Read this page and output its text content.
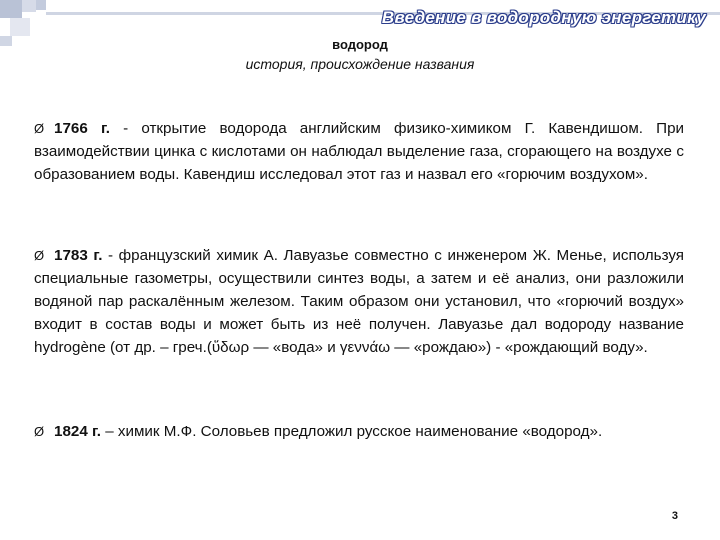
Введение в водородную энергетику
водород
история, происхождение названия
Ø 1766 г. - открытие водорода английским физико-химиком Г. Кавендишом. При взаимодействии цинка с кислотами он наблюдал выделение газа, сгорающего на воздухе с образованием воды. Кавендиш исследовал этот газ и назвал его «горючим воздухом».
Ø 1783 г. - французский химик А. Лавуазье совместно с инженером Ж. Менье, используя специальные газометры, осуществили синтез воды, а затем и её анализ, они разложили водяной пар раскалённым железом. Таким образом они установил, что «горючий воздух» входит в состав воды и может быть из неё получен. Лавуазье дал водороду название hydrogène (от др. – греч.(ὕδωρ — «вода» и γεννάω — «рождаю») - «рождающий воду».
Ø 1824 г. – химик М.Ф. Соловьев предложил русское наименование «водород».
3
